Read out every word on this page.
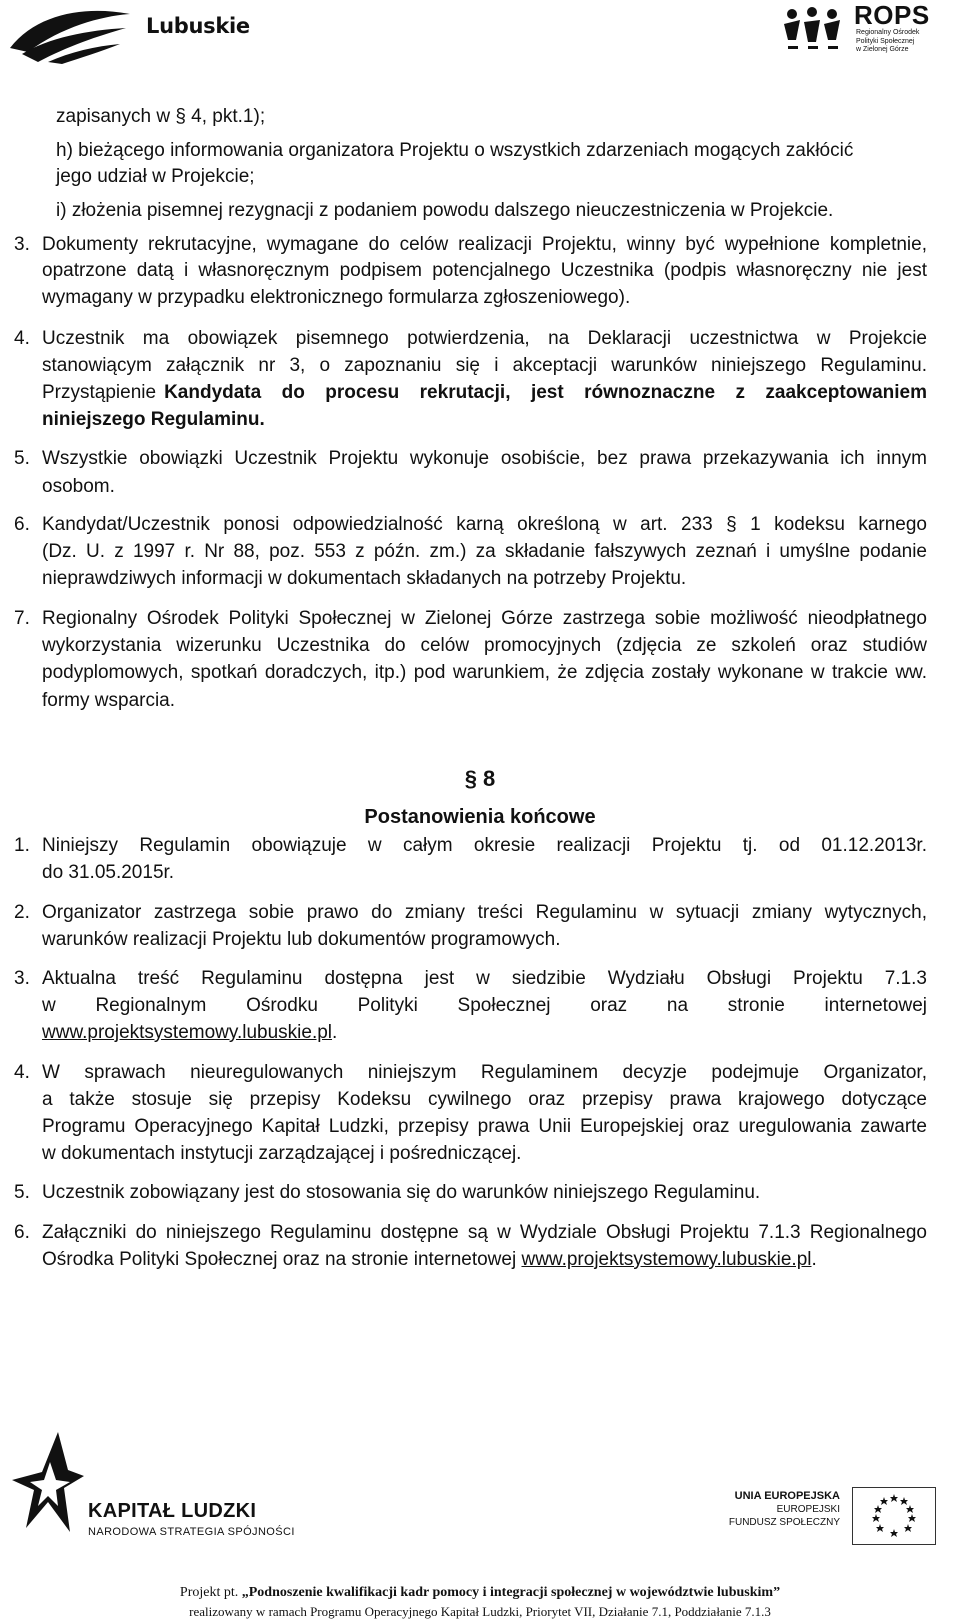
Lubuskie	ROPS
Regionalny Ośrodek
Polityki Społecznej
w Zielonej Górze
zapisanych w § 4, pkt.1);
h) bieżącego informowania organizatora Projektu o wszystkich zdarzeniach mogących zakłócić
jego udział w Projekcie;
i) złożenia pisemnej rezygnacji z podaniem powodu dalszego nieuczestniczenia w Projekcie.
3. Dokumenty rekrutacyjne, wymagane do celów realizacji Projektu, winny być wypełnione kompletnie,
opatrzone datą i własnoręcznym podpisem potencjalnego Uczestnika (podpis własnoręczny nie jest
wymagany w przypadku elektronicznego formularza zgłoszeniowego).
4. Uczestnik ma obowiązek pisemnego potwierdzenia, na Deklaracji uczestnictwa w Projekcie
stanowiącym załącznik nr 3, o zapoznaniu się i akceptacji warunków niniejszego Regulaminu.
Przystąpienie Kandydata do procesu rekrutacji, jest równoznaczne z zaakceptowaniem
niniejszego Regulaminu.
5. Wszystkie obowiązki Uczestnik Projektu wykonuje osobiście, bez prawa przekazywania ich innym
osobom.
6. Kandydat/Uczestnik ponosi odpowiedzialność karną określoną w art. 233 § 1 kodeksu karnego
(Dz. U. z 1997 r. Nr 88, poz. 553 z późn. zm.) za składanie fałszywych zeznań i umyślne podanie
nieprawdziwych informacji w dokumentach składanych na potrzeby Projektu.
7. Regionalny Ośrodek Polityki Społecznej w Zielonej Górze zastrzega sobie możliwość nieodpłatnego
wykorzystania wizerunku Uczestnika do celów promocyjnych (zdjęcia ze szkoleń oraz studiów
podyplomowych, spotkań doradczych, itp.) pod warunkiem, że zdjęcia zostały wykonane w trakcie ww.
formy wsparcia.
§ 8
Postanowienia końcowe
1. Niniejszy Regulamin obowiązuje w całym okresie realizacji Projektu tj. od 01.12.2013r.
do 31.05.2015r.
2. Organizator zastrzega sobie prawo do zmiany treści Regulaminu w sytuacji zmiany wytycznych,
warunków realizacji Projektu lub dokumentów programowych.
3. Aktualna treść Regulaminu dostępna jest w siedzibie Wydziału Obsługi Projektu 7.1.3
w Regionalnym Ośrodku Polityki Społecznej oraz na stronie internetowej
www.projektsystemowy.lubuskie.pl.
4. W sprawach nieuregulowanych niniejszym Regulaminem decyzje podejmuje Organizator,
a także stosuje się przepisy Kodeksu cywilnego oraz przepisy prawa krajowego dotyczące
Programu Operacyjnego Kapitał Ludzki, przepisy prawa Unii Europejskiej oraz uregulowania zawarte
w dokumentach instytucji zarządzającej i pośredniczącej.
5. Uczestnik zobowiązany jest do stosowania się do warunków niniejszego Regulaminu.
6. Załączniki do niniejszego Regulaminu dostępne są w Wydziale Obsługi Projektu 7.1.3 Regionalnego
Ośrodka Polityki Społecznej oraz na stronie internetowej www.projektsystemowy.lubuskie.pl.
KAPITAŁ LUDZKI
NARODOWA STRATEGIA SPÓJNOŚCI
UNIA EUROPEJSKA
EUROPEJSKI
FUNDUSZ SPOŁECZNY
Projekt pt. „Podnoszenie kwalifikacji kadr pomocy i integracji społecznej w województwie lubuskim”
realizowany w ramach Programu Operacyjnego Kapitał Ludzki, Priorytet VII, Działanie 7.1, Poddziałanie 7.1.3
